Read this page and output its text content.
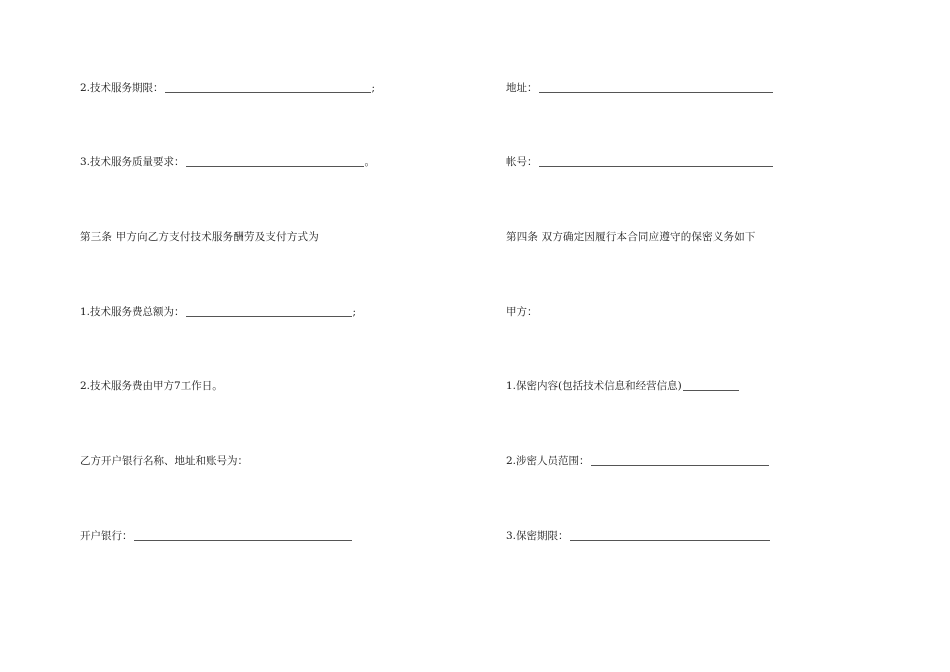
2.技术服务期限：	;
3.技术服务质量要求：	。
第三条 甲方向乙方支付技术服务酬劳及支付方式为
1.技术服务费总额为：	;
2.技术服务费由甲方7工作日。
乙方开户银行名称、地址和账号为：
开户银行：
地址：
帐号：
第四条 双方确定因履行本合同应遵守的保密义务如下
甲方：
1.保密内容(包括技术信息和经营信息)
2.涉密人员范围：
3.保密期限：
